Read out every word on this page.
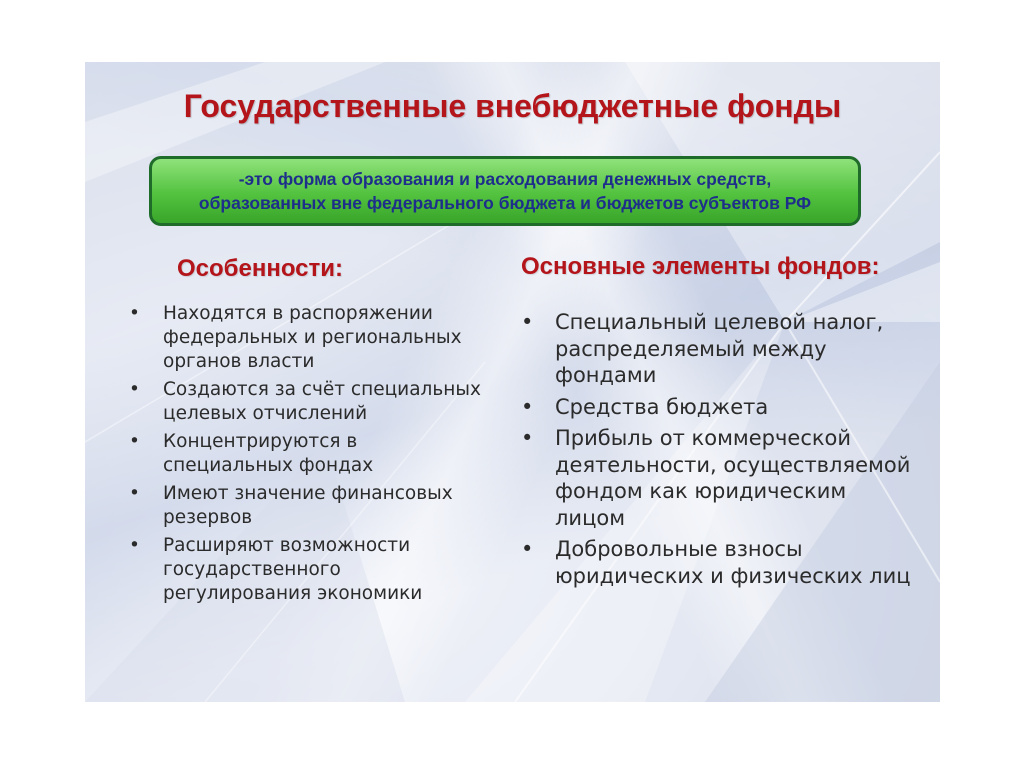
Государственные внебюджетные фонды
-это форма образования и расходования денежных средств,
образованных вне федерального бюджета и бюджетов субъектов РФ
Особенности:	Основные элементы фондов:
• Находятся в распоряжении федеральных и региональных органов власти
• Создаются за счёт специальных целевых отчислений
• Концентрируются в специальных фондах
• Имеют значение финансовых резервов
• Расширяют возможности государственного регулирования экономики
• Специальный целевой налог, распределяемый между фондами
• Средства бюджета
• Прибыль от коммерческой деятельности, осуществляемой фондом как юридическим лицом
• Добровольные взносы юридических и физических лиц
